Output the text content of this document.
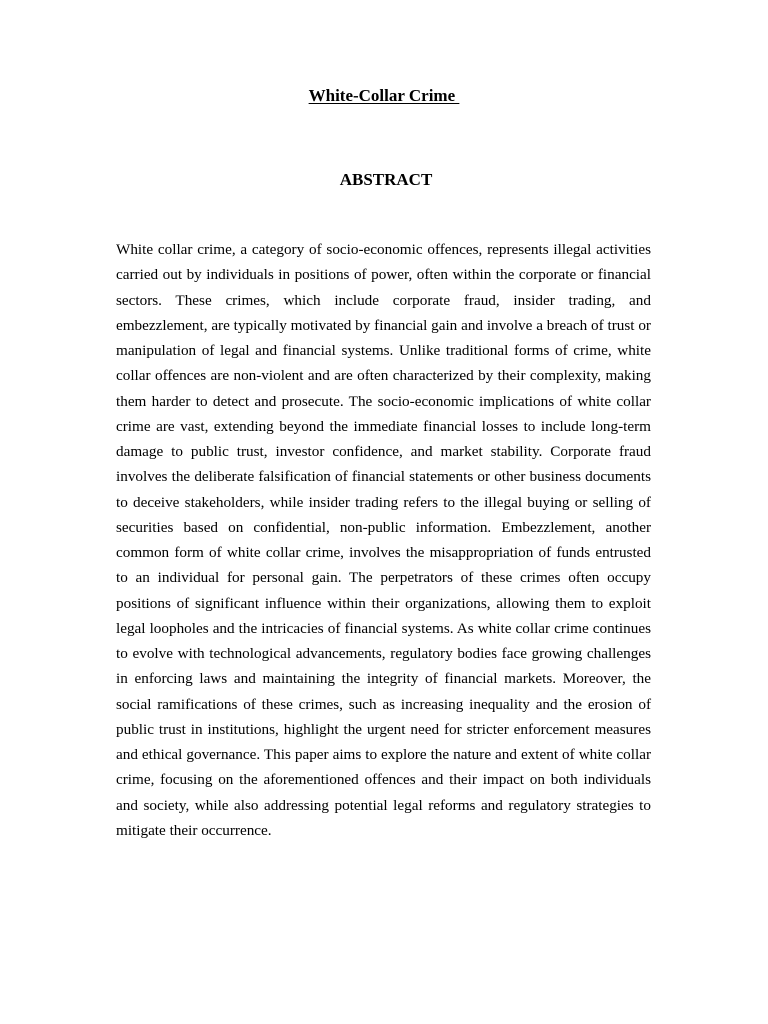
White-Collar Crime
ABSTRACT

White collar crime, a category of socio-economic offences, represents illegal activities carried out by individuals in positions of power, often within the corporate or financial sectors. These crimes, which include corporate fraud, insider trading, and embezzlement, are typically motivated by financial gain and involve a breach of trust or manipulation of legal and financial systems. Unlike traditional forms of crime, white collar offences are non-violent and are often characterized by their complexity, making them harder to detect and prosecute. The socio-economic implications of white collar crime are vast, extending beyond the immediate financial losses to include long-term damage to public trust, investor confidence, and market stability. Corporate fraud involves the deliberate falsification of financial statements or other business documents to deceive stakeholders, while insider trading refers to the illegal buying or selling of securities based on confidential, non-public information. Embezzlement, another common form of white collar crime, involves the misappropriation of funds entrusted to an individual for personal gain. The perpetrators of these crimes often occupy positions of significant influence within their organizations, allowing them to exploit legal loopholes and the intricacies of financial systems. As white collar crime continues to evolve with technological advancements, regulatory bodies face growing challenges in enforcing laws and maintaining the integrity of financial markets. Moreover, the social ramifications of these crimes, such as increasing inequality and the erosion of public trust in institutions, highlight the urgent need for stricter enforcement measures and ethical governance. This paper aims to explore the nature and extent of white collar crime, focusing on the aforementioned offences and their impact on both individuals and society, while also addressing potential legal reforms and regulatory strategies to mitigate their occurrence.
